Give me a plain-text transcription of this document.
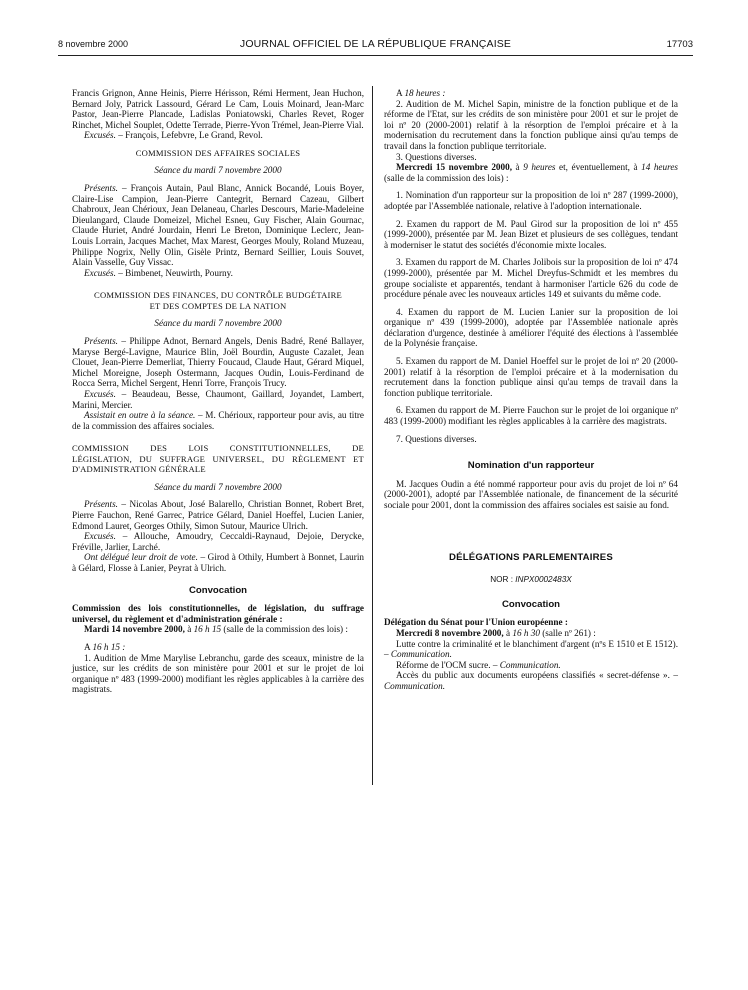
8 novembre 2000	JOURNAL OFFICIEL DE LA RÉPUBLIQUE FRANÇAISE	17703

Francis Grignon, Anne Heinis, Pierre Hérisson, Rémi Herment, Jean Huchon, Bernard Joly, Patrick Lassourd, Gérard Le Cam, Louis Moinard, Jean-Marc Pastor, Jean-Pierre Plancade, Ladislas Poniatowski, Charles Revet, Roger Rinchet, Michel Souplet, Odette Terrade, Pierre-Yvon Trémel, Jean-Pierre Vial.

Excusés. – François, Lefebvre, Le Grand, Revol.

COMMISSION DES AFFAIRES SOCIALES

Séance du mardi 7 novembre 2000

Présents. – François Autain, Paul Blanc, Annick Bocandé, Louis Boyer, Claire-Lise Campion, Jean-Pierre Cantegrit, Bernard Cazeau, Gilbert Chabroux, Jean Chérioux, Jean Delaneau, Charles Descours, Marie-Madeleine Dieulangard, Claude Domeizel, Michel Esneu, Guy Fischer, Alain Gournac, Claude Huriet, André Jourdain, Henri Le Breton, Dominique Leclerc, Jean-Louis Lorrain, Jacques Machet, Max Marest, Georges Mouly, Roland Muzeau, Philippe Nogrix, Nelly Olin, Gisèle Printz, Bernard Seillier, Louis Souvet, Alain Vasselle, Guy Vissac.

Excusés. – Bimbenet, Neuwirth, Pourny.

COMMISSION DES FINANCES, DU CONTRÔLE BUDGÉTAIRE

ET DES COMPTES DE LA NATION

Séance du mardi 7 novembre 2000

Présents. – Philippe Adnot, Bernard Angels, Denis Badré, René Ballayer, Maryse Bergé-Lavigne, Maurice Blin, Joël Bourdin, Auguste Cazalet, Jean Clouet, Jean-Pierre Demerliat, Thierry Foucaud, Claude Haut, Gérard Miquel, Michel Moreigne, Joseph Ostermann, Jacques Oudin, Louis-Ferdinand de Rocca Serra, Michel Sergent, Henri Torre, François Trucy.

Excusés. – Beaudeau, Besse, Chaumont, Gaillard, Joyandet, Lambert, Marini, Mercier.

Assistait en outre à la séance. – M. Chérioux, rapporteur pour avis, au titre de la commission des affaires sociales.

COMMISSION DES LOIS CONSTITUTIONNELLES, DE

LÉGISLATION, DU SUFFRAGE UNIVERSEL, DU RÈGLEMENT ET

D'ADMINISTRATION GÉNÉRALE

Séance du mardi 7 novembre 2000

Présents. – Nicolas About, José Balarello, Christian Bonnet, Robert Bret, Pierre Fauchon, René Garrec, Patrice Gélard, Daniel Hoeffel, Lucien Lanier, Edmond Lauret, Georges Othily, Simon Sutour, Maurice Ulrich.

Excusés. – Allouche, Amoudry, Ceccaldi-Raynaud, Dejoie, Derycke, Fréville, Jarlier, Larché.

Ont délégué leur droit de vote. – Girod à Othily, Humbert à Bonnet, Laurin à Gélard, Flosse à Lanier, Peyrat à Ulrich.

Convocation

Commission des lois constitutionnelles, de législation, du suffrage universel, du règlement et d'administration générale :

Mardi 14 novembre 2000, à 16 h 15 (salle de la commission des lois) :

A 16 h 15 :

1. Audition de Mme Marylise Lebranchu, garde des sceaux, ministre de la justice, sur les crédits de son ministère pour 2001 et sur le projet de loi organique nº 483 (1999-2000) modifiant les règles applicables à la carrière des magistrats.

A 18 heures :

2. Audition de M. Michel Sapin, ministre de la fonction publique et de la réforme de l'Etat, sur les crédits de son ministère pour 2001 et sur le projet de loi nº 20 (2000-2001) relatif à la résorption de l'emploi précaire et à la modernisation du recrutement dans la fonction publique ainsi qu'au temps de travail dans la fonction publique territoriale.

3. Questions diverses.

Mercredi 15 novembre 2000, à 9 heures et, éventuellement, à 14 heures (salle de la commission des lois) :

1. Nomination d'un rapporteur sur la proposition de loi nº 287 (1999-2000), adoptée par l'Assemblée nationale, relative à l'adoption internationale.

2. Examen du rapport de M. Paul Girod sur la proposition de loi nº 455 (1999-2000), présentée par M. Jean Bizet et plusieurs de ses collègues, tendant à moderniser le statut des sociétés d'économie mixte locales.

3. Examen du rapport de M. Charles Jolibois sur la proposition de loi nº 474 (1999-2000), présentée par M. Michel Dreyfus-Schmidt et les membres du groupe socialiste et apparentés, tendant à harmoniser l'article 626 du code de procédure pénale avec les nouveaux articles 149 et suivants du même code.

4. Examen du rapport de M. Lucien Lanier sur la proposition de loi organique nº 439 (1999-2000), adoptée par l'Assemblée nationale après déclaration d'urgence, destinée à améliorer l'équité des élections à l'assemblée de la Polynésie française.

5. Examen du rapport de M. Daniel Hoeffel sur le projet de loi nº 20 (2000-2001) relatif à la résorption de l'emploi précaire et à la modernisation du recrutement dans la fonction publique ainsi qu'au temps de travail dans la fonction publique territoriale.

6. Examen du rapport de M. Pierre Fauchon sur le projet de loi organique nº 483 (1999-2000) modifiant les règles applicables à la carrière des magistrats.

7. Questions diverses.

Nomination d'un rapporteur

M. Jacques Oudin a été nommé rapporteur pour avis du projet de loi nº 64 (2000-2001), adopté par l'Assemblée nationale, de financement de la sécurité sociale pour 2001, dont la commission des affaires sociales est saisie au fond.

DÉLÉGATIONS PARLEMENTAIRES

NOR : INPX0002483X

Convocation

Délégation du Sénat pour l'Union européenne :

Mercredi 8 novembre 2000, à 16 h 30 (salle nº 261) :

Lutte contre la criminalité et le blanchiment d'argent (nºs E 1510 et E 1512). – Communication.

Réforme de l'OCM sucre. – Communication.

Accès du public aux documents européens classifiés « secret-défense ». – Communication.
